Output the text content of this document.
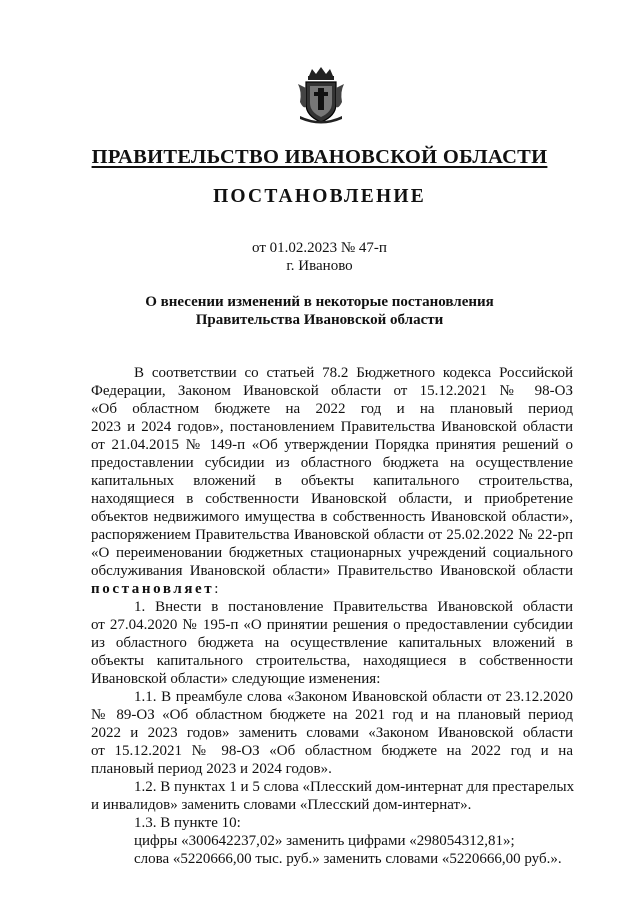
ПРАВИТЕЛЬСТВО ИВАНОВСКОЙ ОБЛАСТИ
ПОСТАНОВЛЕНИЕ
от 01.02.2023 № 47-п
г. Иваново
О внесении изменений в некоторые постановления
Правительства Ивановской области
В соответствии со статьей 78.2 Бюджетного кодекса Российской
Федерации, Законом Ивановской области от 15.12.2021 № 98-ОЗ
«Об областном бюджете на 2022 год и на плановый период
2023 и 2024 годов», постановлением Правительства Ивановской области
от 21.04.2015 № 149-п «Об утверждении Порядка принятия решений о
предоставлении субсидии из областного бюджета на осуществление
капитальных вложений в объекты капитального строительства,
находящиеся в собственности Ивановской области, и приобретение
объектов недвижимого имущества в собственность Ивановской области»,
распоряжением Правительства Ивановской области от 25.02.2022 № 22-рп
«О переименовании бюджетных стационарных учреждений социального
обслуживания Ивановской области» Правительство Ивановской области
постановляет:
1. Внести в постановление Правительства Ивановской области
от 27.04.2020 № 195-п «О принятии решения о предоставлении субсидии
из областного бюджета на осуществление капитальных вложений в
объекты капитального строительства, находящиеся в собственности
Ивановской области» следующие изменения:
1.1. В преамбуле слова «Законом Ивановской области от 23.12.2020
№ 89-ОЗ «Об областном бюджете на 2021 год и на плановый период
2022 и 2023 годов» заменить словами «Законом Ивановской области
от 15.12.2021 № 98-ОЗ «Об областном бюджете на 2022 год и на
плановый период 2023 и 2024 годов».
1.2. В пунктах 1 и 5 слова «Плесский дом-интернат для престарелых
и инвалидов» заменить словами «Плесский дом-интернат».
1.3. В пункте 10:
цифры «300642237,02» заменить цифрами «298054312,81»;
слова «5220666,00 тыс. руб.» заменить словами «5220666,00 руб.».
